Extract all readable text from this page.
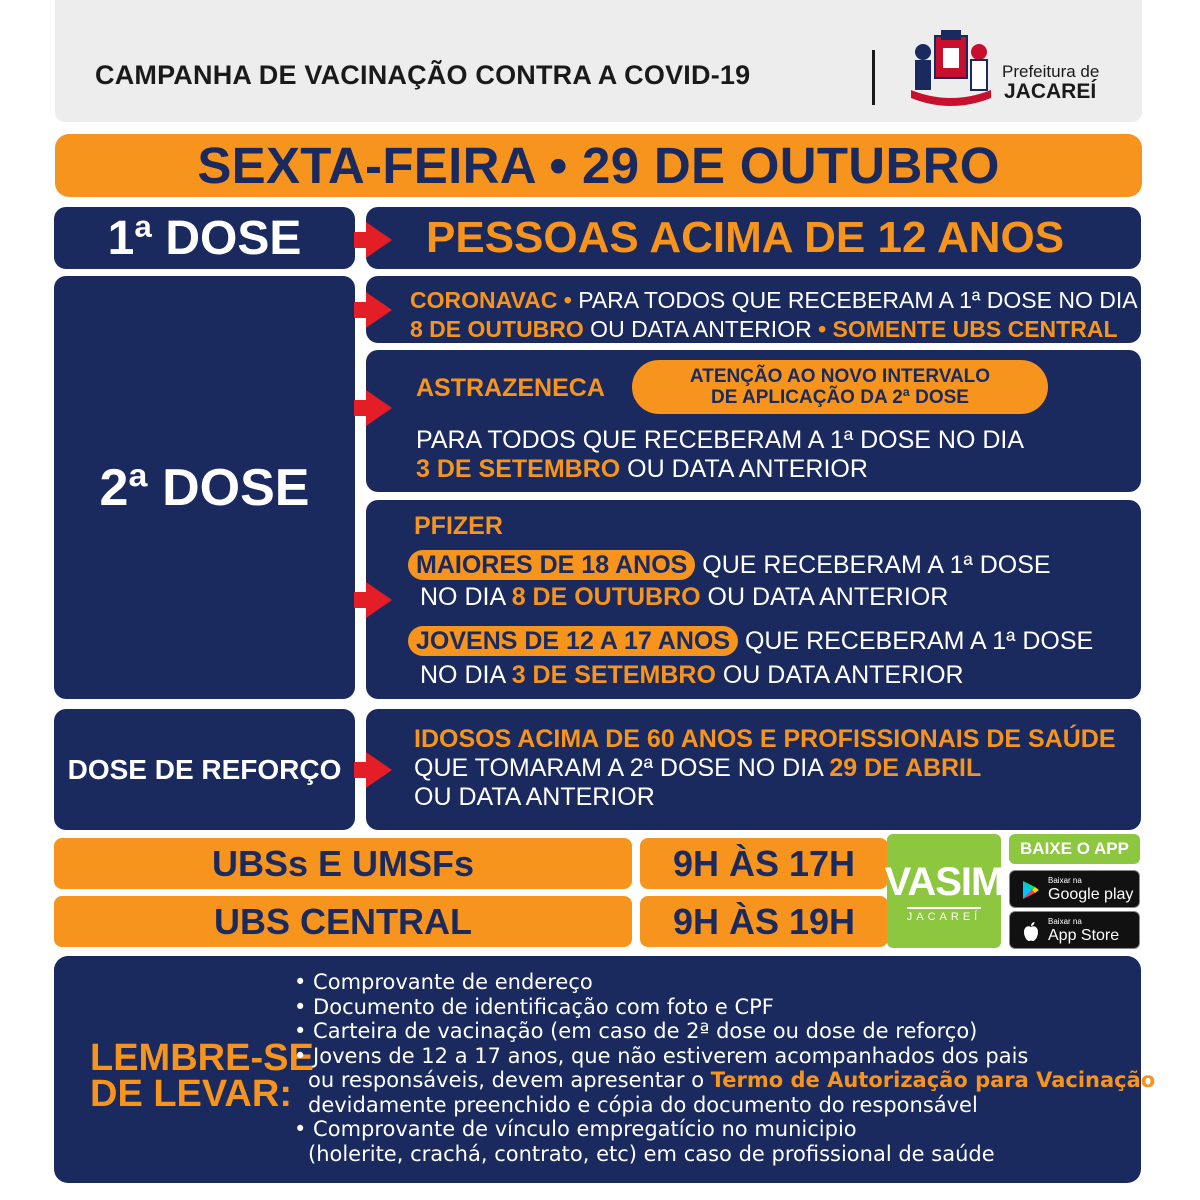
CAMPANHA DE VACINAÇÃO CONTRA A COVID-19	Prefeitura de
JACAREÍ
SEXTA-FEIRA • 29 DE OUTUBRO
1ª DOSE	PESSOAS ACIMA DE 12 ANOS
2ª DOSE
CORONAVAC • PARA TODOS QUE RECEBERAM A 1ª DOSE NO DIA
8 DE OUTUBRO OU DATA ANTERIOR • SOMENTE UBS CENTRAL
ASTRAZENECA	ATENÇÃO AO NOVO INTERVALO
DE APLICAÇÃO DA 2ª DOSE
PARA TODOS QUE RECEBERAM A 1ª DOSE NO DIA
3 DE SETEMBRO OU DATA ANTERIOR
PFIZER
MAIORES DE 18 ANOS QUE RECEBERAM A 1ª DOSE
NO DIA 8 DE OUTUBRO OU DATA ANTERIOR
JOVENS DE 12 A 17 ANOS QUE RECEBERAM A 1ª DOSE
NO DIA 3 DE SETEMBRO OU DATA ANTERIOR
DOSE DE REFORÇO
IDOSOS ACIMA DE 60 ANOS E PROFISSIONAIS DE SAÚDE
QUE TOMARAM A 2ª DOSE NO DIA 29 DE ABRIL
OU DATA ANTERIOR
UBSs E UMSFs	9H ÀS 17H
UBS CENTRAL	9H ÀS 19H
VASIM
JACAREÍ
BAIXE O APP
Baixar na
Google play
Baixar na
App Store
LEMBRE-SE
DE LEVAR:
• Comprovante de endereço
• Documento de identificação com foto e CPF
• Carteira de vacinação (em caso de 2ª dose ou dose de reforço)
• Jovens de 12 a 17 anos, que não estiverem acompanhados dos pais
ou responsáveis, devem apresentar o Termo de Autorização para Vacinação
devidamente preenchido e cópia do documento do responsável
• Comprovante de vínculo empregatício no municipio
(holerite, crachá, contrato, etc) em caso de profissional de saúde
